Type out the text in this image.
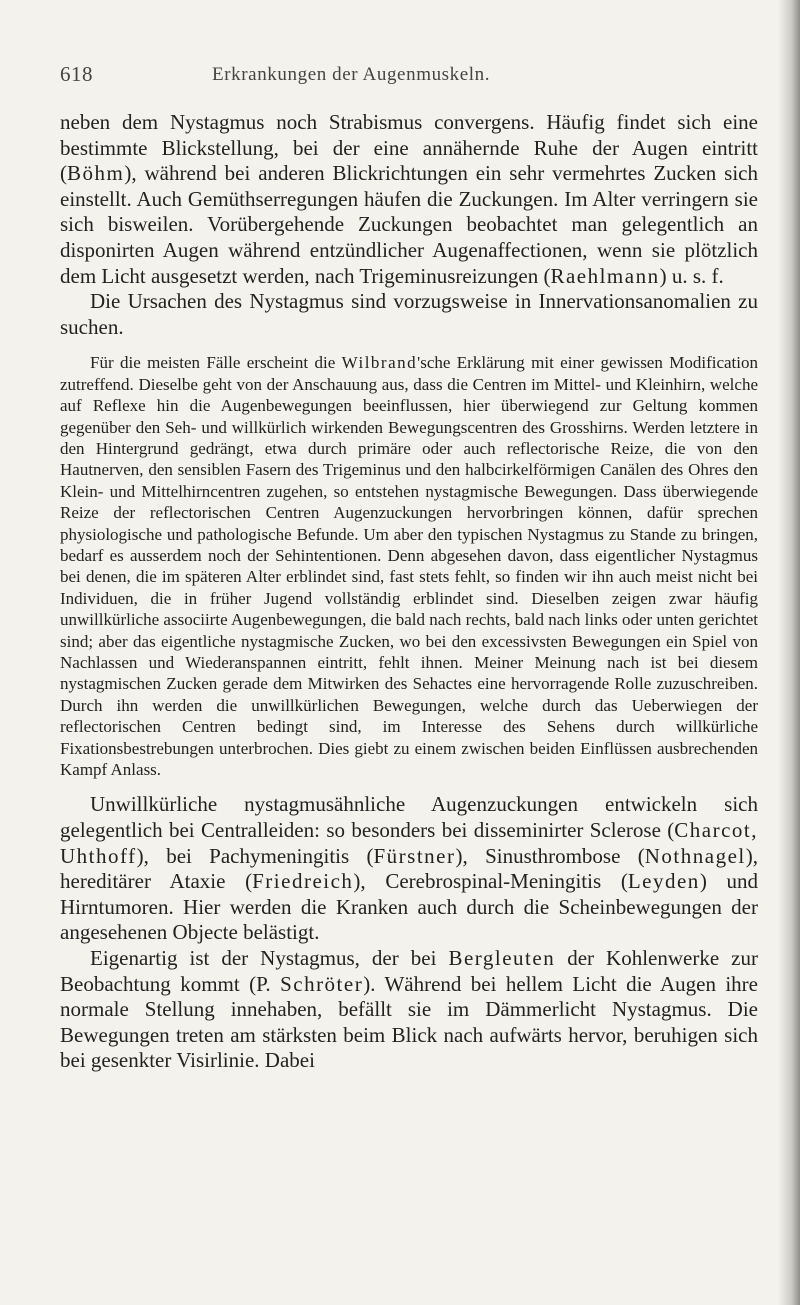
618	Erkrankungen der Augenmuskeln.

neben dem Nystagmus noch Strabismus convergens. Häufig findet sich eine bestimmte Blickstellung, bei der eine annähernde Ruhe der Augen eintritt (Böhm), während bei anderen Blickrichtungen ein sehr vermehrtes Zucken sich einstellt. Auch Gemüthserregungen häufen die Zuckungen. Im Alter verringern sie sich bisweilen. Vorübergehende Zuckungen beobachtet man gelegentlich an disponirten Augen während entzündlicher Augenaffectionen, wenn sie plötzlich dem Licht ausgesetzt werden, nach Trigeminusreizungen (Raehlmann) u. s. f.

Die Ursachen des Nystagmus sind vorzugsweise in Innervationsanomalien zu suchen.

Für die meisten Fälle erscheint die Wilbrand'sche Erklärung mit einer gewissen Modification zutreffend. Dieselbe geht von der Anschauung aus, dass die Centren im Mittel- und Kleinhirn, welche auf Reflexe hin die Augenbewegungen beeinflussen, hier überwiegend zur Geltung kommen gegenüber den Seh- und willkürlich wirkenden Bewegungscentren des Grosshirns. Werden letztere in den Hintergrund gedrängt, etwa durch primäre oder auch reflectorische Reize, die von den Hautnerven, den sensiblen Fasern des Trigeminus und den halbcirkelförmigen Canälen des Ohres den Klein- und Mittelhirncentren zugehen, so entstehen nystagmische Bewegungen. Dass überwiegende Reize der reflectorischen Centren Augenzuckungen hervorbringen können, dafür sprechen physiologische und pathologische Befunde. Um aber den typischen Nystagmus zu Stande zu bringen, bedarf es ausserdem noch der Sehintentionen. Denn abgesehen davon, dass eigentlicher Nystagmus bei denen, die im späteren Alter erblindet sind, fast stets fehlt, so finden wir ihn auch meist nicht bei Individuen, die in früher Jugend vollständig erblindet sind. Dieselben zeigen zwar häufig unwillkürliche associirte Augenbewegungen, die bald nach rechts, bald nach links oder unten gerichtet sind; aber das eigentliche nystagmische Zucken, wo bei den excessivsten Bewegungen ein Spiel von Nachlassen und Wiederanspannen eintritt, fehlt ihnen. Meiner Meinung nach ist bei diesem nystagmischen Zucken gerade dem Mitwirken des Sehactes eine hervorragende Rolle zuzuschreiben. Durch ihn werden die unwillkürlichen Bewegungen, welche durch das Ueberwiegen der reflectorischen Centren bedingt sind, im Interesse des Sehens durch willkürliche Fixationsbestrebungen unterbrochen. Dies giebt zu einem zwischen beiden Einflüssen ausbrechenden Kampf Anlass.

Unwillkürliche nystagmusähnliche Augenzuckungen entwickeln sich gelegentlich bei Centralleiden: so besonders bei disseminirter Sclerose (Charcot, Uhthoff), bei Pachymeningitis (Fürstner), Sinusthrombose (Nothnagel), hereditärer Ataxie (Friedreich), Cerebrospinal-Meningitis (Leyden) und Hirntumoren. Hier werden die Kranken auch durch die Scheinbewegungen der angesehenen Objecte belästigt.

Eigenartig ist der Nystagmus, der bei Bergleuten der Kohlenwerke zur Beobachtung kommt (P. Schröter). Während bei hellem Licht die Augen ihre normale Stellung innehaben, befällt sie im Dämmerlicht Nystagmus. Die Bewegungen treten am stärksten beim Blick nach aufwärts hervor, beruhigen sich bei gesenkter Visirlinie. Dabei
